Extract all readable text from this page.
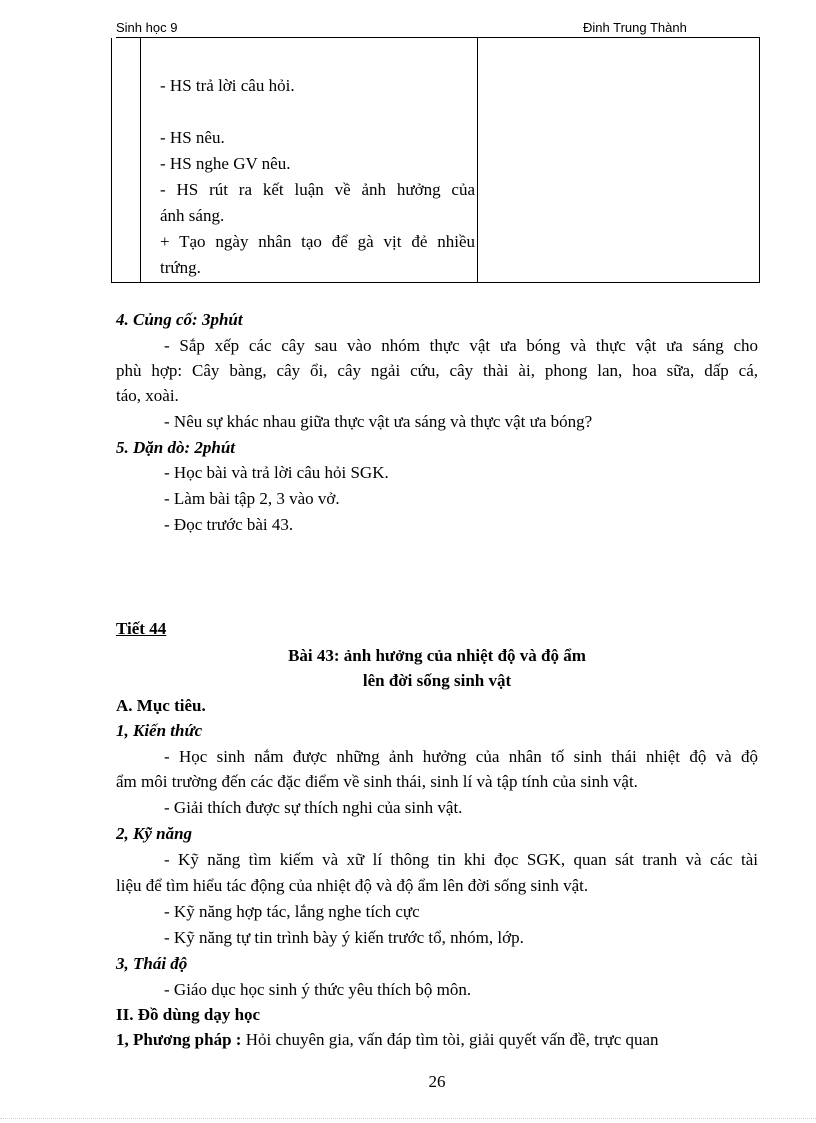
Sinh học 9	Đinh Trung Thành
- HS trả lời câu hỏi.
- HS nêu.
- HS nghe GV nêu.
- HS rút ra kết luận về ảnh hưởng của
ánh sáng.
+ Tạo ngày nhân tạo để gà vịt đẻ nhiều
trứng.
4. Củng cố: 3phút
- Sắp xếp các cây sau vào nhóm thực vật ưa bóng và thực vật ưa sáng cho
phù hợp: Cây bàng, cây ổi, cây ngải cứu, cây thài ài, phong lan, hoa sữa, dấp cá,
táo, xoài.
- Nêu sự khác nhau giữa thực vật ưa sáng và thực vật ưa bóng?
5. Dặn dò: 2phút
- Học bài và trả lời câu hỏi SGK.
- Làm bài tập 2, 3 vào vở.
- Đọc trước bài 43.
Tiết 44
Bài 43: ảnh hưởng của nhiệt độ và độ ẩm
lên đời sống sinh vật
A. Mục tiêu.
1, Kiến thức
- Học sinh nắm được những ảnh hưởng của nhân tố sinh thái nhiệt độ và độ
ẩm môi trường đến các đặc điểm về sinh thái, sinh lí và tập tính của sinh vật.
- Giải thích được sự thích nghi của sinh vật.
2, Kỹ năng
- Kỹ năng tìm kiếm và xữ lí thông tin khi đọc SGK, quan sát tranh và các tài
liệu để tìm hiểu tác động của nhiệt độ và độ ẩm lên đời sống sinh vật.
- Kỹ năng hợp tác, lắng nghe tích cực
- Kỹ năng tự tin trình bày ý kiến trước tổ, nhóm, lớp.
3, Thái độ
- Giáo dục học sinh ý thức yêu thích bộ môn.
II. Đồ dùng dạy học
1, Phương pháp : Hỏi chuyên gia, vấn đáp tìm tòi, giải quyết vấn đề, trực quan
26
